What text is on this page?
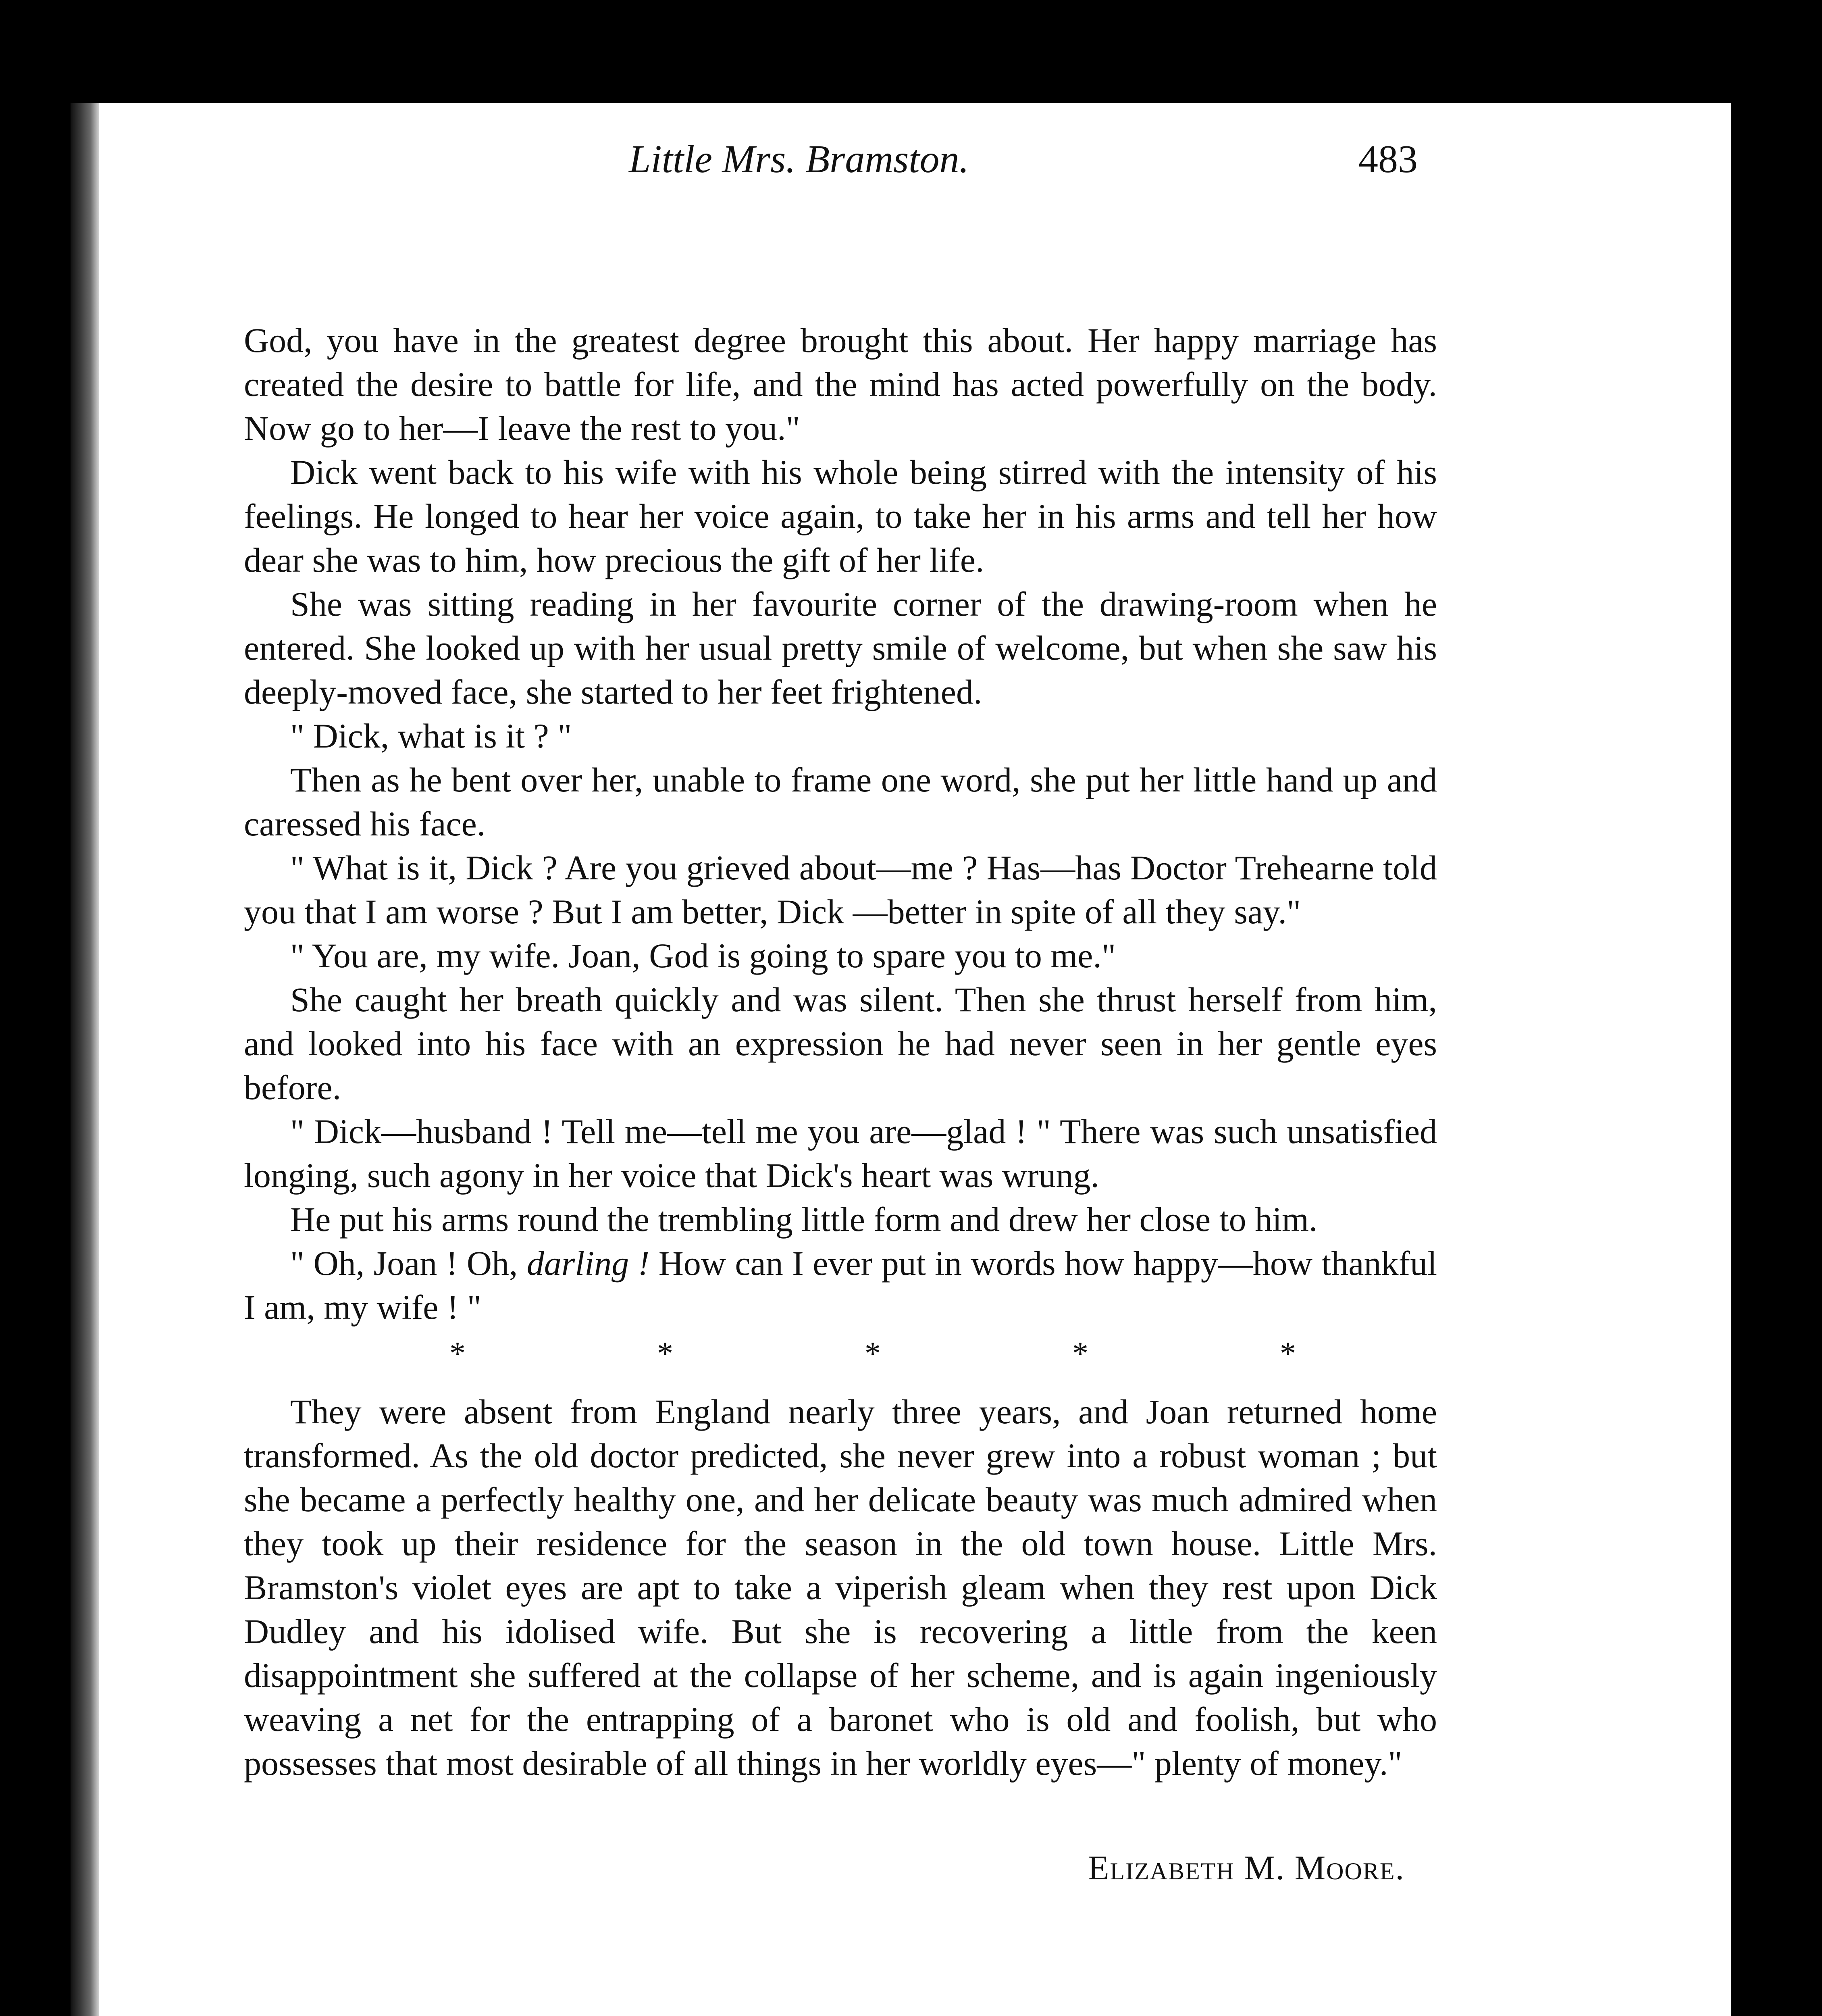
Little Mrs. Bramston.	483

God, you have in the greatest degree brought this about. Her happy marriage has created the desire to battle for life, and the mind has acted powerfully on the body. Now go to her—I leave the rest to you."

Dick went back to his wife with his whole being stirred with the intensity of his feelings. He longed to hear her voice again, to take her in his arms and tell her how dear she was to him, how precious the gift of her life.

She was sitting reading in her favourite corner of the drawing-room when he entered. She looked up with her usual pretty smile of welcome, but when she saw his deeply-moved face, she started to her feet frightened.

" Dick, what is it ? "

Then as he bent over her, unable to frame one word, she put her little hand up and caressed his face.

" What is it, Dick ? Are you grieved about—me ? Has—has Doctor Trehearne told you that I am worse ? But I am better, Dick —better in spite of all they say."

" You are, my wife. Joan, God is going to spare you to me."

She caught her breath quickly and was silent. Then she thrust herself from him, and looked into his face with an expression he had never seen in her gentle eyes before.

" Dick—husband ! Tell me—tell me you are—glad ! " There was such unsatisfied longing, such agony in her voice that Dick's heart was wrung.

He put his arms round the trembling little form and drew her close to him.

" Oh, Joan ! Oh, darling ! How can I ever put in words how happy—how thankful I am, my wife ! "

*	*	*	*	*

They were absent from England nearly three years, and Joan returned home transformed. As the old doctor predicted, she never grew into a robust woman ; but she became a perfectly healthy one, and her delicate beauty was much admired when they took up their residence for the season in the old town house. Little Mrs. Bramston's violet eyes are apt to take a viperish gleam when they rest upon Dick Dudley and his idolised wife. But she is recovering a little from the keen disappointment she suffered at the collapse of her scheme, and is again ingeniously weaving a net for the entrapping of a baronet who is old and foolish, but who possesses that most desirable of all things in her worldly eyes—" plenty of money."

Elizabeth M. Moore.
